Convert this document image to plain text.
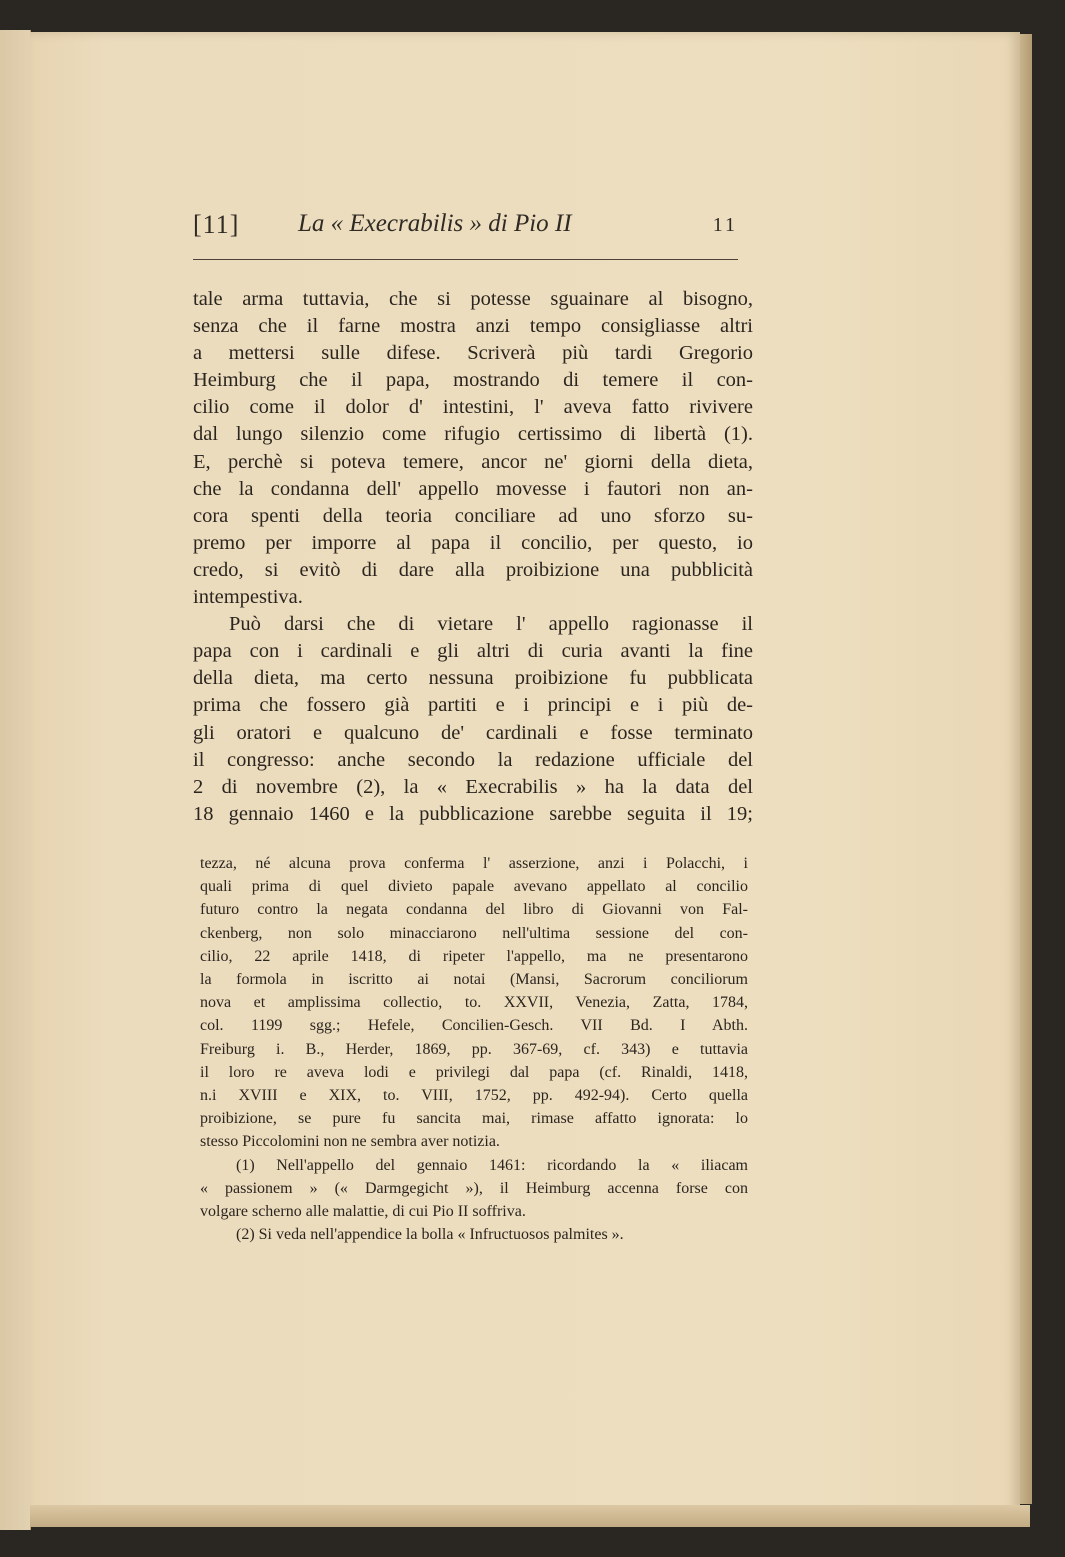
[11] La « Execrabilis » di Pio II	11
tale arma tuttavia, che si potesse sguainare al bisogno,
senza che il farne mostra anzi tempo consigliasse altri
a mettersi sulle difese. Scriverà più tardi Gregorio
Heimburg che il papa, mostrando di temere il con-
cilio come il dolor d' intestini, l' aveva fatto rivivere
dal lungo silenzio come rifugio certissimo di libertà (1).
E, perchè si poteva temere, ancor ne' giorni della dieta,
che la condanna dell' appello movesse i fautori non an-
cora spenti della teoria conciliare ad uno sforzo su-
premo per imporre al papa il concilio, per questo, io
credo, si evitò di dare alla proibizione una pubblicità
intempestiva.
Può darsi che di vietare l' appello ragionasse il
papa con i cardinali e gli altri di curia avanti la fine
della dieta, ma certo nessuna proibizione fu pubblicata
prima che fossero già partiti e i principi e i più de-
gli oratori e qualcuno de' cardinali e fosse terminato
il congresso: anche secondo la redazione ufficiale del
2 di novembre (2), la « Execrabilis » ha la data del
18 gennaio 1460 e la pubblicazione sarebbe seguita il 19;
tezza, né alcuna prova conferma l' asserzione, anzi i Polacchi, i
quali prima di quel divieto papale avevano appellato al concilio
futuro contro la negata condanna del libro di Giovanni von Fal-
ckenberg, non solo minacciarono nell'ultima sessione del con-
cilio, 22 aprile 1418, di ripeter l'appello, ma ne presentarono
la formola in iscritto ai notai (Mansi, Sacrorum conciliorum
nova et amplissima collectio, to. XXVII, Venezia, Zatta, 1784,
col. 1199 sgg.; Hefele, Concilien-Gesch. VII Bd. I Abth.
Freiburg i. B., Herder, 1869, pp. 367-69, cf. 343) e tuttavia
il loro re aveva lodi e privilegi dal papa (cf. Rinaldi, 1418,
n.i XVIII e XIX, to. VIII, 1752, pp. 492-94). Certo quella
proibizione, se pure fu sancita mai, rimase affatto ignorata: lo
stesso Piccolomini non ne sembra aver notizia.
(1) Nell'appello del gennaio 1461: ricordando la « iliacam
« passionem » (« Darmgegicht »), il Heimburg accenna forse con
volgare scherno alle malattie, di cui Pio II soffriva.
(2) Si veda nell'appendice la bolla « Infructuosos palmites ».
